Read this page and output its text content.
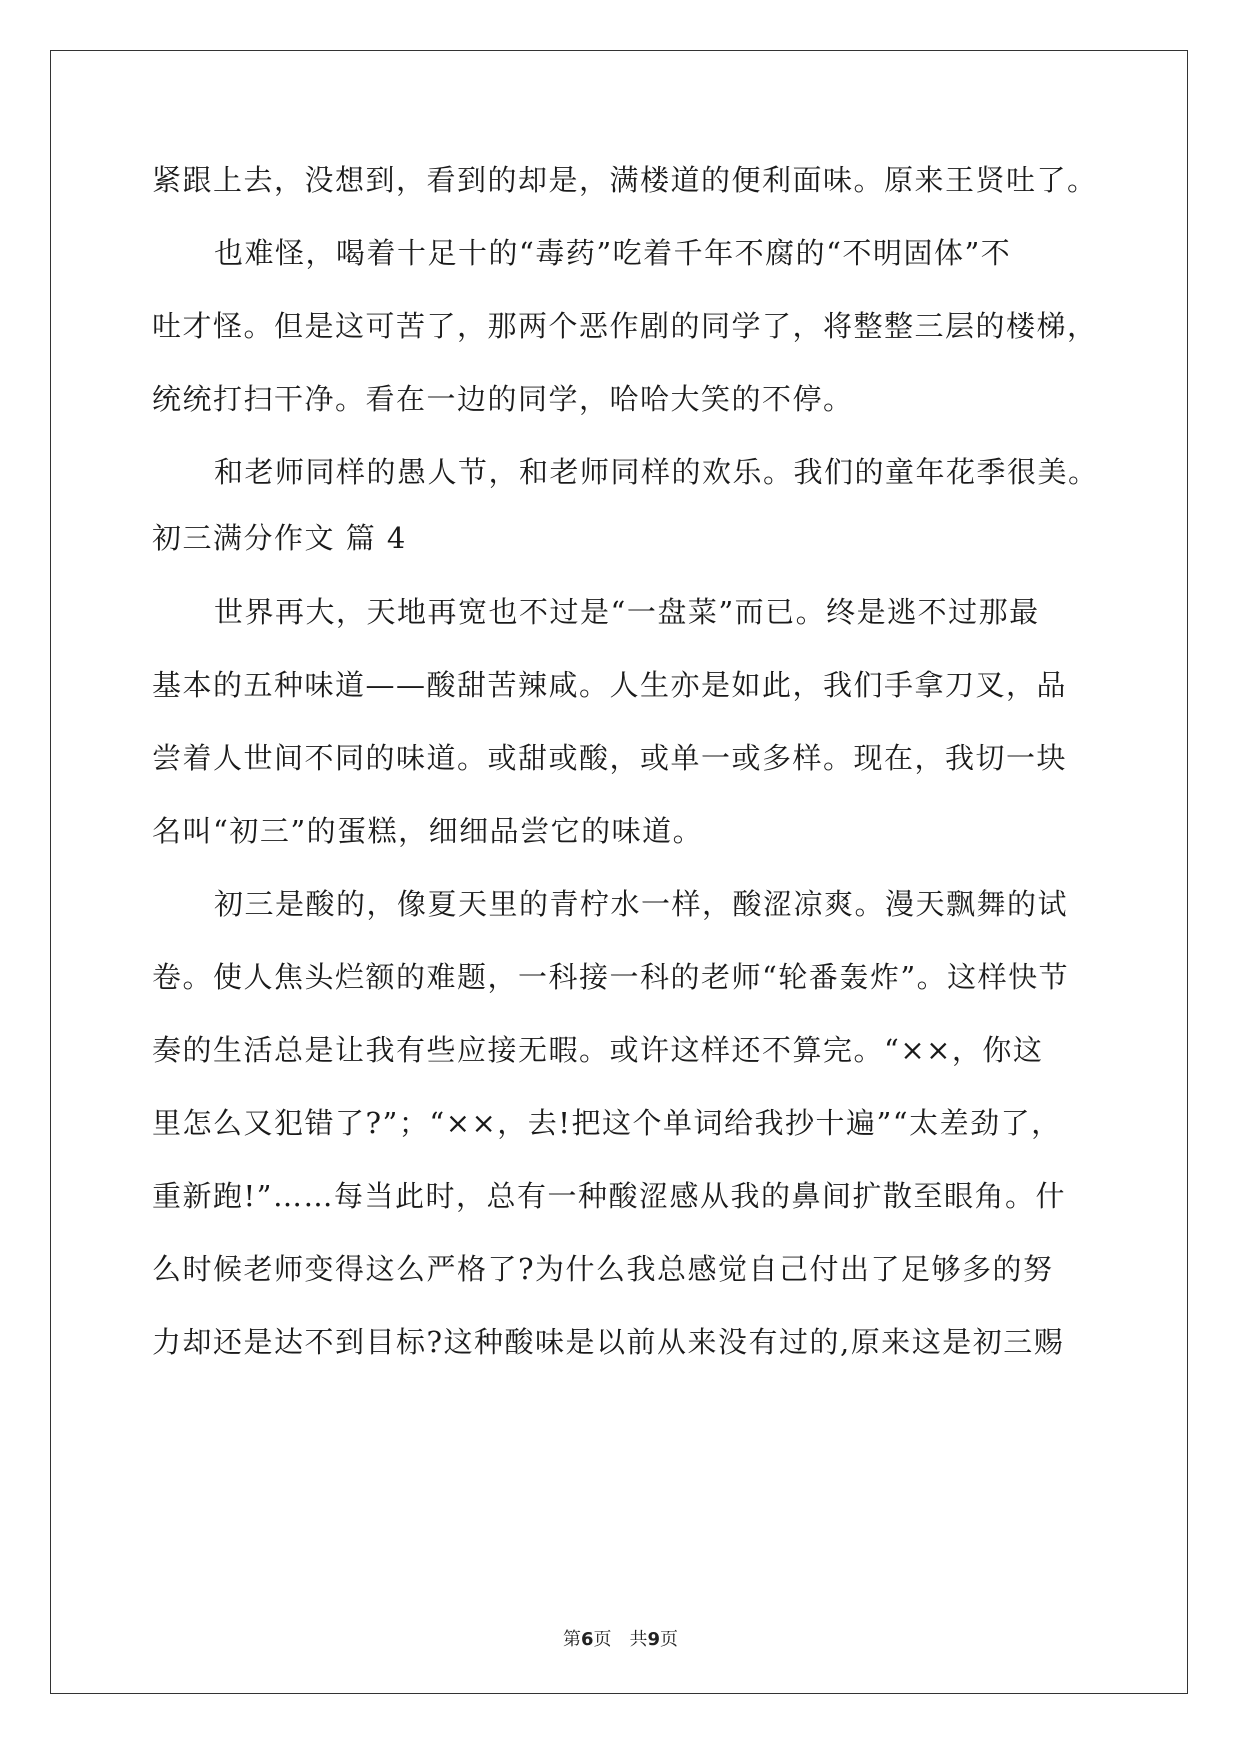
紧跟上去，没想到，看到的却是，满楼道的便利面味。原来王贤吐了。
也难怪，喝着十足十的“毒药”吃着千年不腐的“不明固体”不
吐才怪。但是这可苦了，那两个恶作剧的同学了，将整整三层的楼梯，
统统打扫干净。看在一边的同学，哈哈大笑的不停。
和老师同样的愚人节，和老师同样的欢乐。我们的童年花季很美。
初三满分作文 篇 4
世界再大，天地再宽也不过是“一盘菜”而已。终是逃不过那最
基本的五种味道——酸甜苦辣咸。人生亦是如此，我们手拿刀叉，品
尝着人世间不同的味道。或甜或酸，或单一或多样。现在，我切一块
名叫“初三”的蛋糕，细细品尝它的味道。
初三是酸的，像夏天里的青柠水一样，酸涩凉爽。漫天飘舞的试
卷。使人焦头烂额的难题，一科接一科的老师“轮番轰炸”。这样快节
奏的生活总是让我有些应接无暇。或许这样还不算完。“××，你这
里怎么又犯错了?”；“××，去!把这个单词给我抄十遍”“太差劲了，
重新跑!”……每当此时，总有一种酸涩感从我的鼻间扩散至眼角。什
么时候老师变得这么严格了?为什么我总感觉自己付出了足够多的努
力却还是达不到目标?这种酸味是以前从来没有过的,原来这是初三赐
第6页　共9页
